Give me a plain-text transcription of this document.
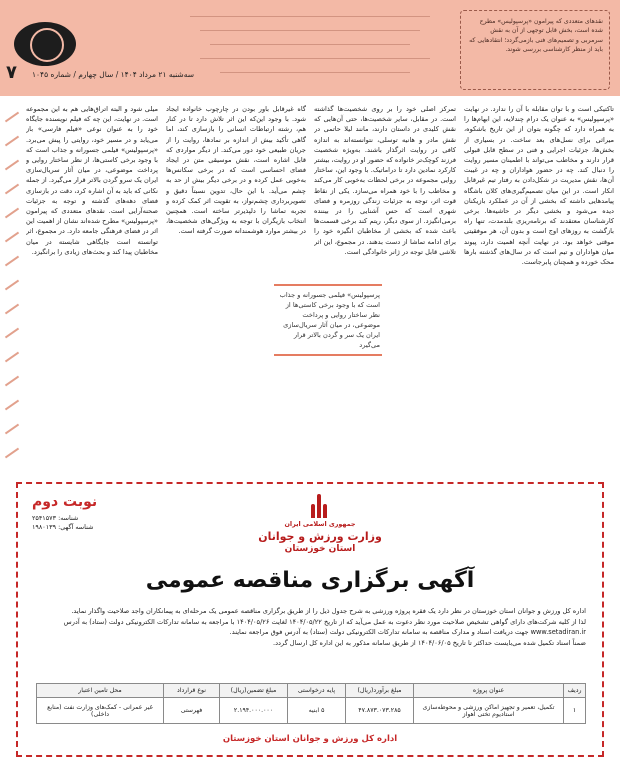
۷ سه‌شنبه ۲۱ مرداد ۱۴۰۴ / سال چهارم / شماره ۱۰۴۵
نقدهای متعددی که پیرامون «پرسپولیس» مطرح شده است، بخش قابل توجهی از آن به نقش سرمربی و تصمیم‌های فنی بازمی‌گردد؛ انتقادهایی که باید از منظر کارشناسی بررسی شوند.
تاکتیکی است و با توان مقابله با آن را ندارد. در نهایت «پرسپولیس» به عنوان یک درام چندلایه، این ابهام‌ها را به همراه دارد که چگونه بتوان از این تاریخ باشکوه، میراثی برای نسل‌های بعد ساخت. در بسیاری از بخش‌ها، جزئیات اجرایی و فنی در سطح قابل قبولی قرار دارند و مخاطب می‌تواند با اطمینان مسیر روایت را دنبال کند. چه در حضور هواداران و چه در غیبت آن‌ها، نقش مدیریت در شکل‌دادن به رفتار تیم غیرقابل انکار است. در این میان تصمیم‌گیری‌های کلان باشگاه پیامدهایی داشته که بخشی از آن در عملکرد بازیکنان دیده می‌شود و بخشی دیگر در حاشیه‌ها. برخی کارشناسان معتقدند که برنامه‌ریزی بلندمدت، تنها راه بازگشت به روزهای اوج است و بدون آن، هر موفقیتی موقتی خواهد بود. در نهایت آنچه اهمیت دارد، پیوند میان هواداران و تیم است که در سال‌های گذشته بارها محک خورده و همچنان پابرجاست.
تمرکز اصلی خود را بر روی شخصیت‌ها گذاشته است. در مقابل، سایر شخصیت‌ها، حتی آن‌هایی که نقش کلیدی در داستان دارند، مانند لیلا حاتمی در نقش مادر و هانیه توسلی، نتوانسته‌اند به اندازه کافی در روایت اثرگذار باشند. به‌ویژه شخصیت فرزند کوچک‌تر خانواده که حضور او در روایت، بیشتر کارکرد نمادین دارد تا دراماتیک. با وجود این، ساختار روایی مجموعه در برخی لحظات به‌خوبی کار می‌کند و مخاطب را با خود همراه می‌سازد. یکی از نقاط قوت اثر، توجه به جزئیات زندگی روزمره و فضای شهری است که حس آشنایی را در بیننده برمی‌انگیزد. از سوی دیگر، ریتم کند برخی قسمت‌ها باعث شده که بخشی از مخاطبان انگیزه خود را برای ادامه تماشا از دست بدهند. در مجموع، این اثر تلاشی قابل توجه در ژانر خانوادگی است.
گاه غیرقابل باور بودن در چارچوب خانواده ایجاد شود. با وجود این‌که این اثر تلاش دارد تا در کنار هم، رشته ارتباطات انسانی را بازسازی کند، اما گاهی تأکید بیش از اندازه بر نمادها، روایت را از جریان طبیعی خود دور می‌کند. از دیگر مواردی که قابل اشاره است، نقش موسیقی متن در ایجاد فضای احساسی است که در برخی سکانس‌ها به‌خوبی عمل کرده و در برخی دیگر بیش از حد به چشم می‌آید. با این حال، تدوین نسبتاً دقیق و تصویربرداری چشم‌نواز، به تقویت اثر کمک کرده و تجربه تماشا را دلپذیرتر ساخته است. همچنین انتخاب بازیگران با توجه به ویژگی‌های شخصیت‌ها، در بیشتر موارد هوشمندانه صورت گرفته است.
میلی شود و البته اتراق‌هایی هم به این مجموعه است. در نهایت، این چه که فیلم نویسنده جایگاه خود را به عنوان نوعی «فیلم فارسی» باز می‌یابد و در مسیر خود، روایتی را پیش می‌برد. «پرسپولیس» فیلمی جسورانه و جذاب است که با وجود برخی کاستی‌ها، از نظر ساختار روایی و پرداخت موضوعی، در میان آثار سریال‌سازی ایران یک سرو گردن بالاتر قرار می‌گیرد. از جمله نکاتی که باید به آن اشاره کرد، دقت در بازسازی فضای دهه‌های گذشته و توجه به جزئیات صحنه‌آرایی است. نقدهای متعددی که پیرامون «پرسپولیس» مطرح شده‌اند نشان از اهمیت این اثر در فضای فرهنگی جامعه دارد. در مجموع، اثر توانسته است جایگاهی شایسته در میان مخاطبان پیدا کند و بحث‌های زیادی را برانگیزد.
پرسپولیس» فیلمی جسورانه و جذاب است که با وجود برخی کاستی‌ها از نظر ساختار روایی و پرداخت موضوعی، در میان آثار سریال‌سازی ایران یک سر و گردن بالاتر قرار می‌گیرد
نوبت دوم
شناسه: ۲۵۴۱۵۷۳
شناسه آگهی: ۱۹۸۰۱۳۹	جمهوری اسلامی ایران
وزارت ورزش و جوانان
استان خوزستان
آگهی برگزاری مناقصه عمومی

اداره کل ورزش و جوانان استان خوزستان در نظر دارد یک فقره پروژه ورزشی به شرح جدول ذیل را از طریق برگزاری مناقصه عمومی یک مرحله‌ای به پیمانکاران واجد صلاحیت واگذار نماید.

لذا از کلیه شرکت‌های دارای گواهی تشخیص صلاحیت مورد نظر دعوت به عمل می‌آید که از تاریخ ۱۴۰۴/۰۵/۲۲ لغایت ۱۴۰۴/۰۵/۲۶ با مراجعه به سامانه تدارکات الکترونیکی دولت (ستاد) به آدرس www.setadiran.ir جهت دریافت اسناد و مدارک مناقصه به سامانه تدارکات الکترونیکی دولت (ستاد) به آدرس فوق مراجعه نمایند.

ضمناً اسناد تکمیل شده می‌بایست حداکثر تا تاریخ ۱۴۰۴/۰۶/۰۵ از طریق سامانه مذکور به این اداره کل ارسال گردد.

ردیف	عنوان پروژه	مبلغ برآورد(ریال)	پایه درخواستی	مبلغ تضمین(ریال)	نوع قرارداد	محل تامین اعتبار
۱	تکمیل، تعمیر و تجهیز اماکن ورزشی و محوطه‌سازی استادیوم تختی اهواز	۴۷.۸۷۳.۰۷۳.۲۸۵	۵ ابنیه	۲.۱۹۴.۰۰۰.۰۰۰	فهرستی	غیر عمرانی - کمک‌های وزارت نفت (منابع داخلی)
اداره کل ورزش و جوانان استان خوزستان
